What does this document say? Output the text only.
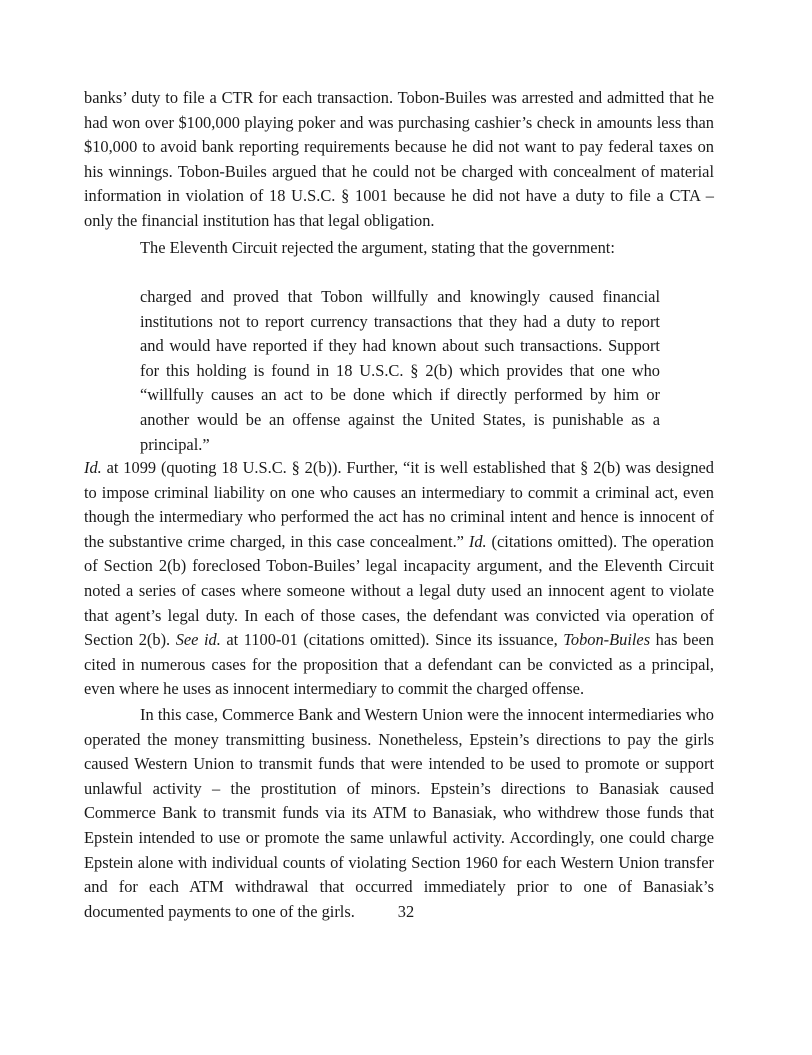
banks’ duty to file a CTR for each transaction. Tobon-Builes was arrested and admitted that he had won over $100,000 playing poker and was purchasing cashier’s check in amounts less than $10,000 to avoid bank reporting requirements because he did not want to pay federal taxes on his winnings. Tobon-Builes argued that he could not be charged with concealment of material information in violation of 18 U.S.C. § 1001 because he did not have a duty to file a CTA – only the financial institution has that legal obligation.

The Eleventh Circuit rejected the argument, stating that the government:

charged and proved that Tobon willfully and knowingly caused financial institutions not to report currency transactions that they had a duty to report and would have reported if they had known about such transactions. Support for this holding is found in 18 U.S.C. § 2(b) which provides that one who “willfully causes an act to be done which if directly performed by him or another would be an offense against the United States, is punishable as a principal.”

Id. at 1099 (quoting 18 U.S.C. § 2(b)). Further, “it is well established that § 2(b) was designed to impose criminal liability on one who causes an intermediary to commit a criminal act, even though the intermediary who performed the act has no criminal intent and hence is innocent of the substantive crime charged, in this case concealment.” Id. (citations omitted). The operation of Section 2(b) foreclosed Tobon-Builes’ legal incapacity argument, and the Eleventh Circuit noted a series of cases where someone without a legal duty used an innocent agent to violate that agent’s legal duty. In each of those cases, the defendant was convicted via operation of Section 2(b). See id. at 1100-01 (citations omitted). Since its issuance, Tobon-Builes has been cited in numerous cases for the proposition that a defendant can be convicted as a principal, even where he uses as innocent intermediary to commit the charged offense.

In this case, Commerce Bank and Western Union were the innocent intermediaries who operated the money transmitting business. Nonetheless, Epstein’s directions to pay the girls caused Western Union to transmit funds that were intended to be used to promote or support unlawful activity – the prostitution of minors. Epstein’s directions to Banasiak caused Commerce Bank to transmit funds via its ATM to Banasiak, who withdrew those funds that Epstein intended to use or promote the same unlawful activity. Accordingly, one could charge Epstein alone with individual counts of violating Section 1960 for each Western Union transfer and for each ATM withdrawal that occurred immediately prior to one of Banasiak’s documented payments to one of the girls.	32
